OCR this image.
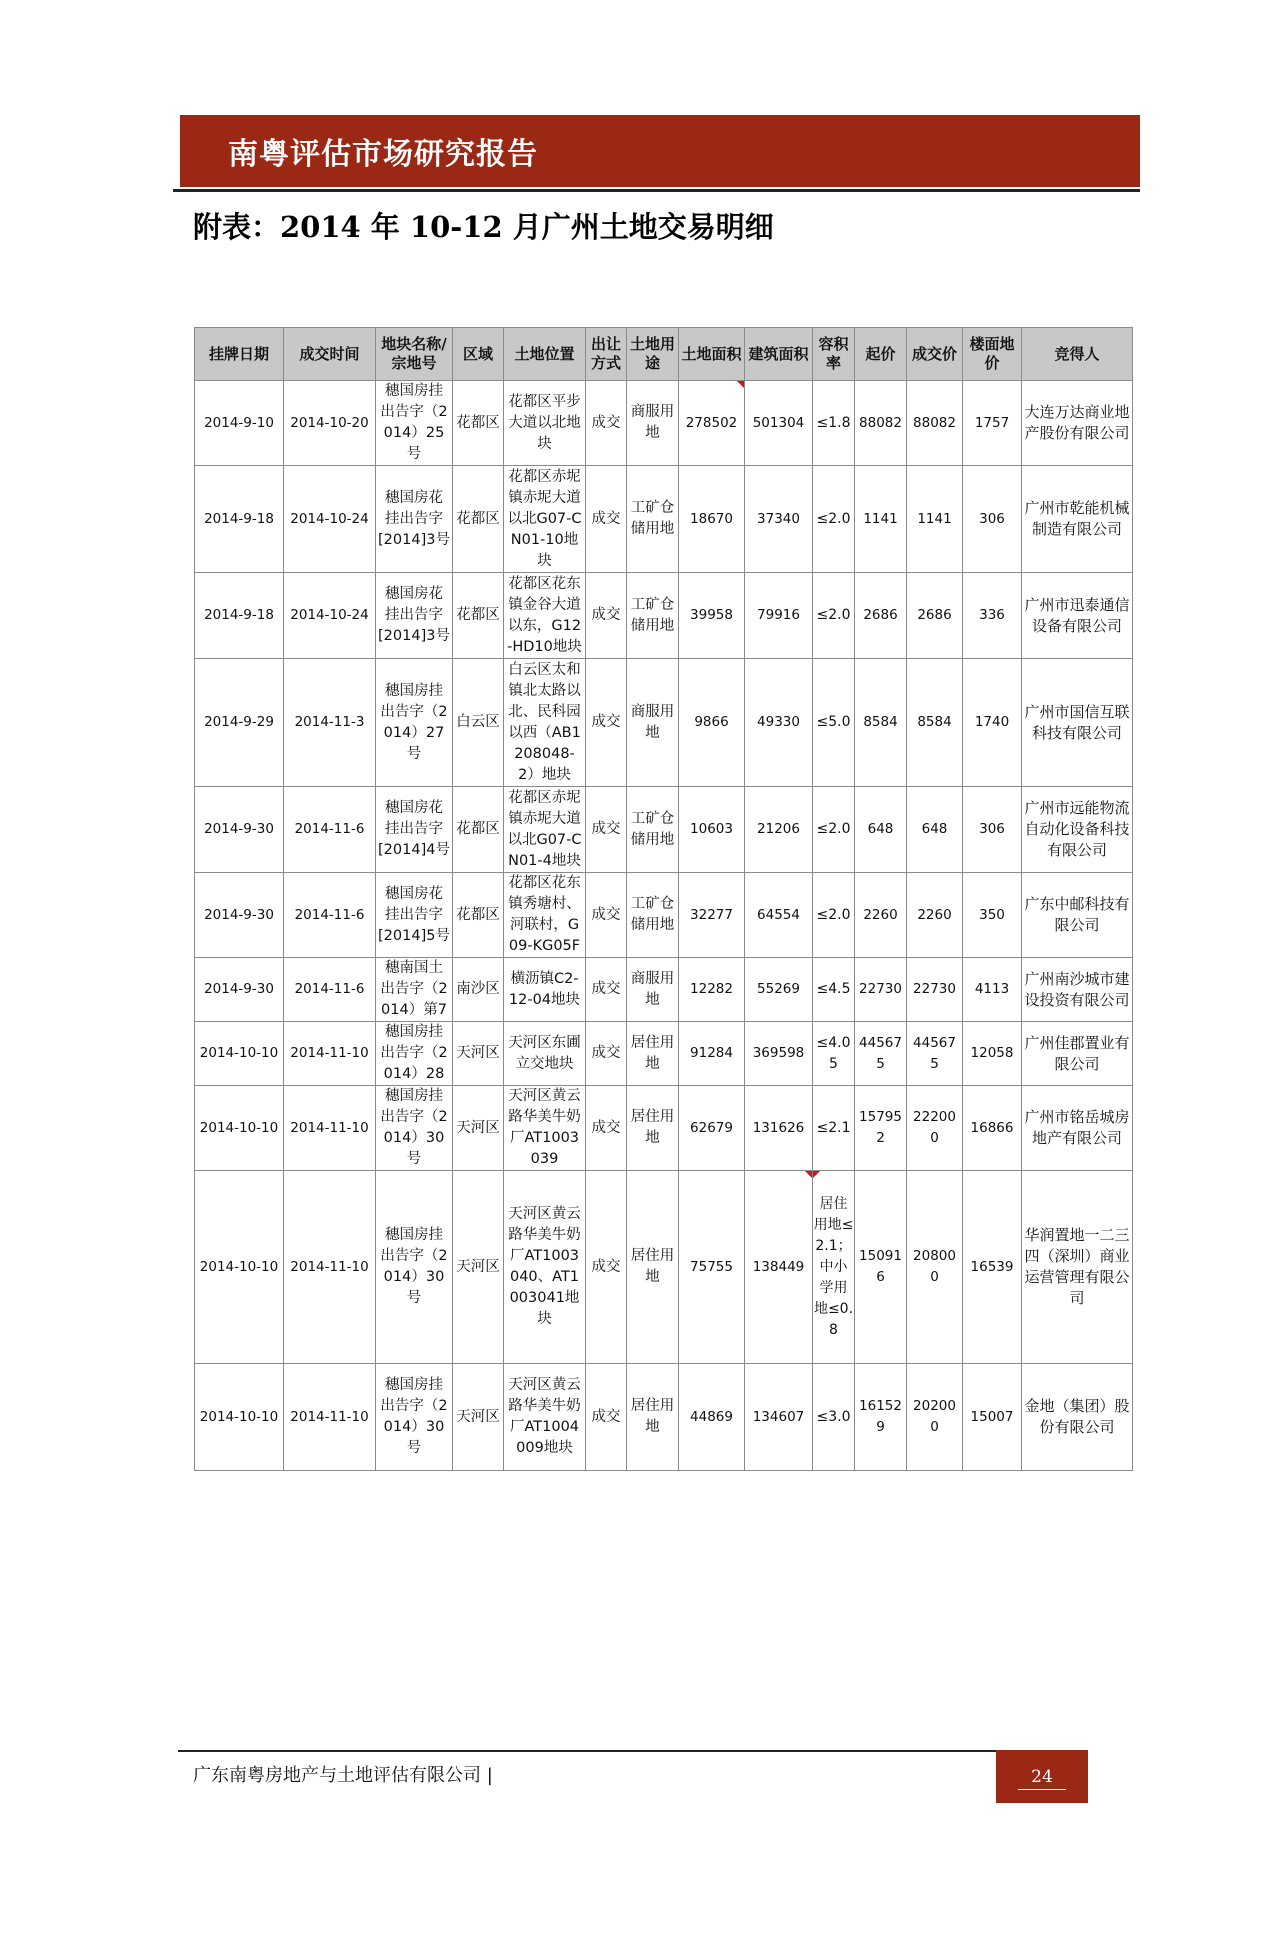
南粤评估市场研究报告
附表：2014 年 10-12 月广州土地交易明细
挂牌日期	成交时间	地块名称/宗地号	区域	土地位置	出让方式	土地用途	土地面积	建筑面积	容积率	起价	成交价	楼面地价	竞得人
2014-9-10	2014-10-20	穗国房挂出告字（2014）25号	花都区	花都区平步大道以北地块	成交	商服用地	278502	501304	≤1.8	88082	88082	1757	大连万达商业地产股份有限公司
2014-9-18	2014-10-24	穗国房花挂出告字[2014]3号	花都区	花都区赤坭镇赤坭大道以北G07-CN01-10地块	成交	工矿仓储用地	18670	37340	≤2.0	1141	1141	306	广州市乾能机械制造有限公司
2014-9-18	2014-10-24	穗国房花挂出告字[2014]3号	花都区	花都区花东镇金谷大道以东，G12-HD10地块	成交	工矿仓储用地	39958	79916	≤2.0	2686	2686	336	广州市迅泰通信设备有限公司
2014-9-29	2014-11-3	穗国房挂出告字（2014）27号	白云区	白云区太和镇北太路以北、民科园以西（AB1208048-2）地块	成交	商服用地	9866	49330	≤5.0	8584	8584	1740	广州市国信互联科技有限公司
2014-9-30	2014-11-6	穗国房花挂出告字[2014]4号	花都区	花都区赤坭镇赤坭大道以北G07-CN01-4地块	成交	工矿仓储用地	10603	21206	≤2.0	648	648	306	广州市远能物流自动化设备科技有限公司
2014-9-30	2014-11-6	穗国房花挂出告字[2014]5号	花都区	花都区花东镇秀塘村、河联村，G09-KG05F	成交	工矿仓储用地	32277	64554	≤2.0	2260	2260	350	广东中邮科技有限公司
2014-9-30	2014-11-6	穗南国土出告字（2014）第7	南沙区	横沥镇C2-12-04地块	成交	商服用地	12282	55269	≤4.5	22730	22730	4113	广州南沙城市建设投资有限公司
2014-10-10	2014-11-10	穗国房挂出告字（2014）28	天河区	天河区东圃立交地块	成交	居住用地	91284	369598	≤4.05	445675	445675	12058	广州佳郡置业有限公司
2014-10-10	2014-11-10	穗国房挂出告字（2014）30号	天河区	天河区黄云路华美牛奶厂AT1003039	成交	居住用地	62679	131626	≤2.1	157952	222000	16866	广州市铭岳城房地产有限公司
2014-10-10	2014-11-10	穗国房挂出告字（2014）30号	天河区	天河区黄云路华美牛奶厂AT1003040、AT1003041地块	成交	居住用地	75755	138449	居住用地≤2.1；中小学用地≤0.8	150916	208000	16539	华润置地一二三四（深圳）商业运营管理有限公司
2014-10-10	2014-11-10	穗国房挂出告字（2014）30号	天河区	天河区黄云路华美牛奶厂AT1004009地块	成交	居住用地	44869	134607	≤3.0	161529	202000	15007	金地（集团）股份有限公司
广东南粤房地产与土地评估有限公司 |	24
